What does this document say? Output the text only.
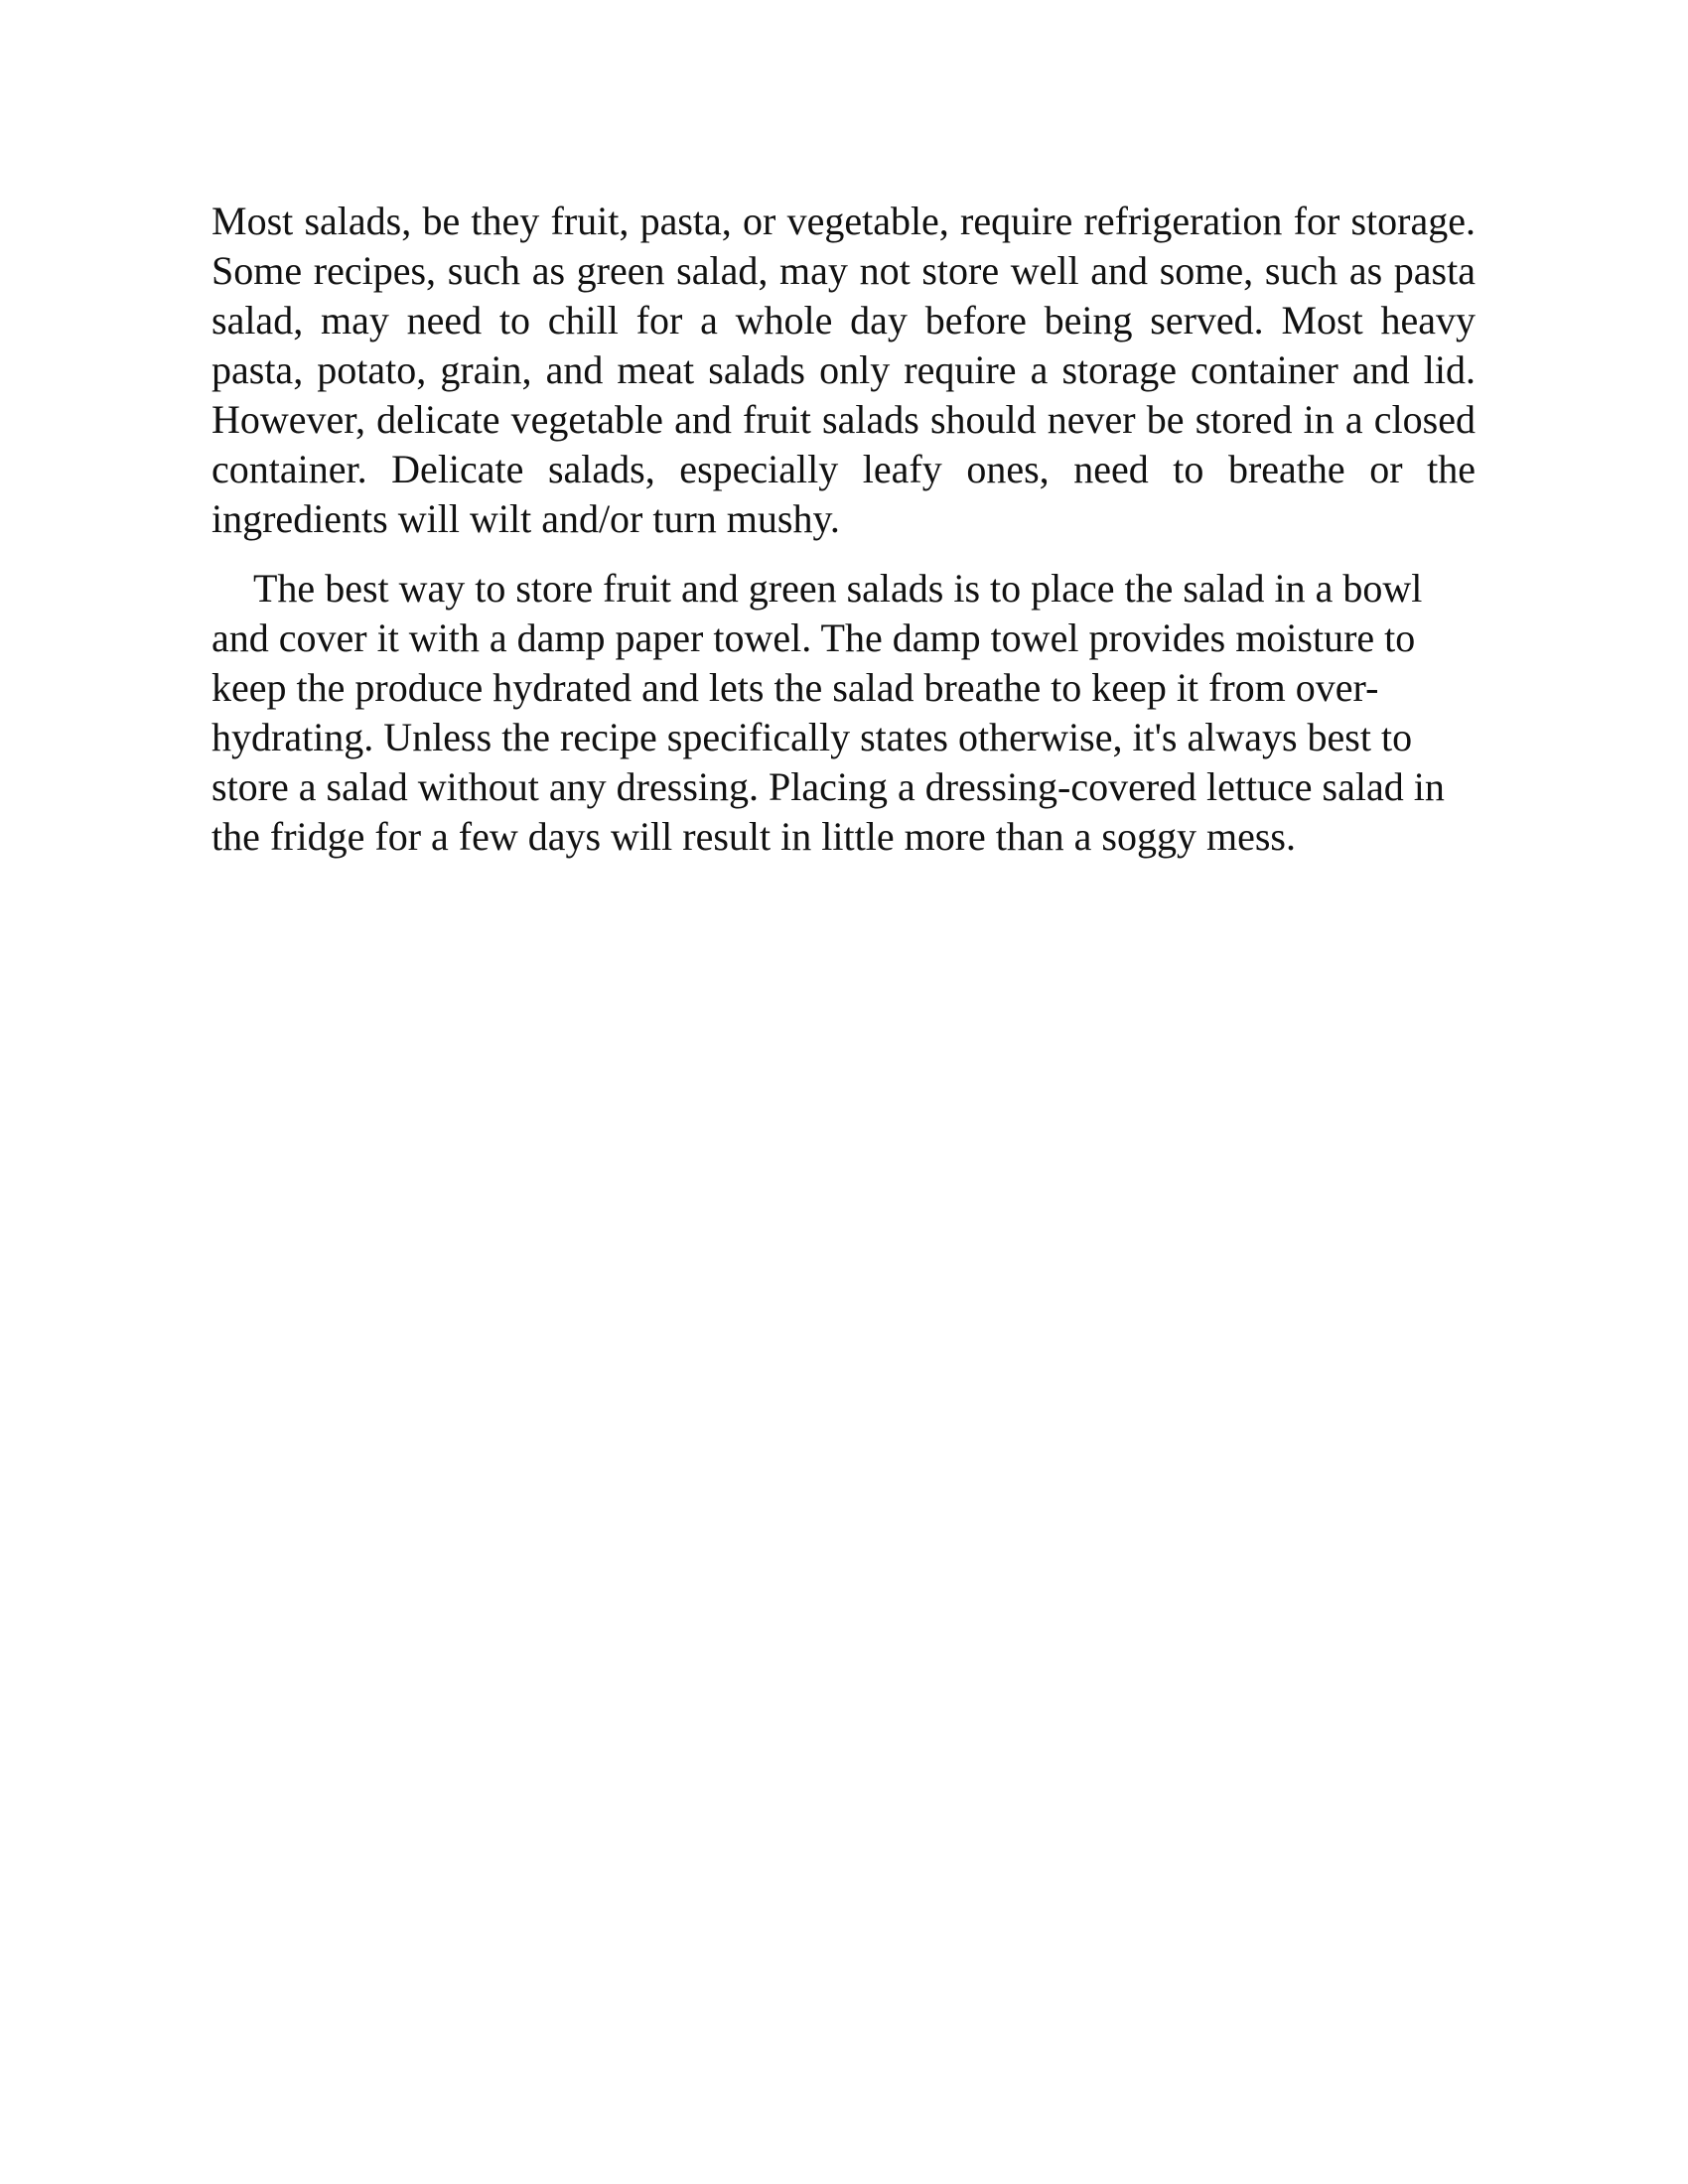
Most salads, be they fruit, pasta, or vegetable, require refrigeration for storage. Some recipes, such as green salad, may not store well and some, such as pasta salad, may need to chill for a whole day before being served. Most heavy pasta, potato, grain, and meat salads only require a storage container and lid. However, delicate vegetable and fruit salads should never be stored in a closed container. Delicate salads, especially leafy ones, need to breathe or the ingredients will wilt and/or turn mushy.

The best way to store fruit and green salads is to place the salad in a bowl and cover it with a damp paper towel. The damp towel provides moisture to keep the produce hydrated and lets the salad breathe to keep it from over-hydrating. Unless the recipe specifically states otherwise, it's always best to store a salad without any dressing. Placing a dressing-covered lettuce salad in the fridge for a few days will result in little more than a soggy mess.
